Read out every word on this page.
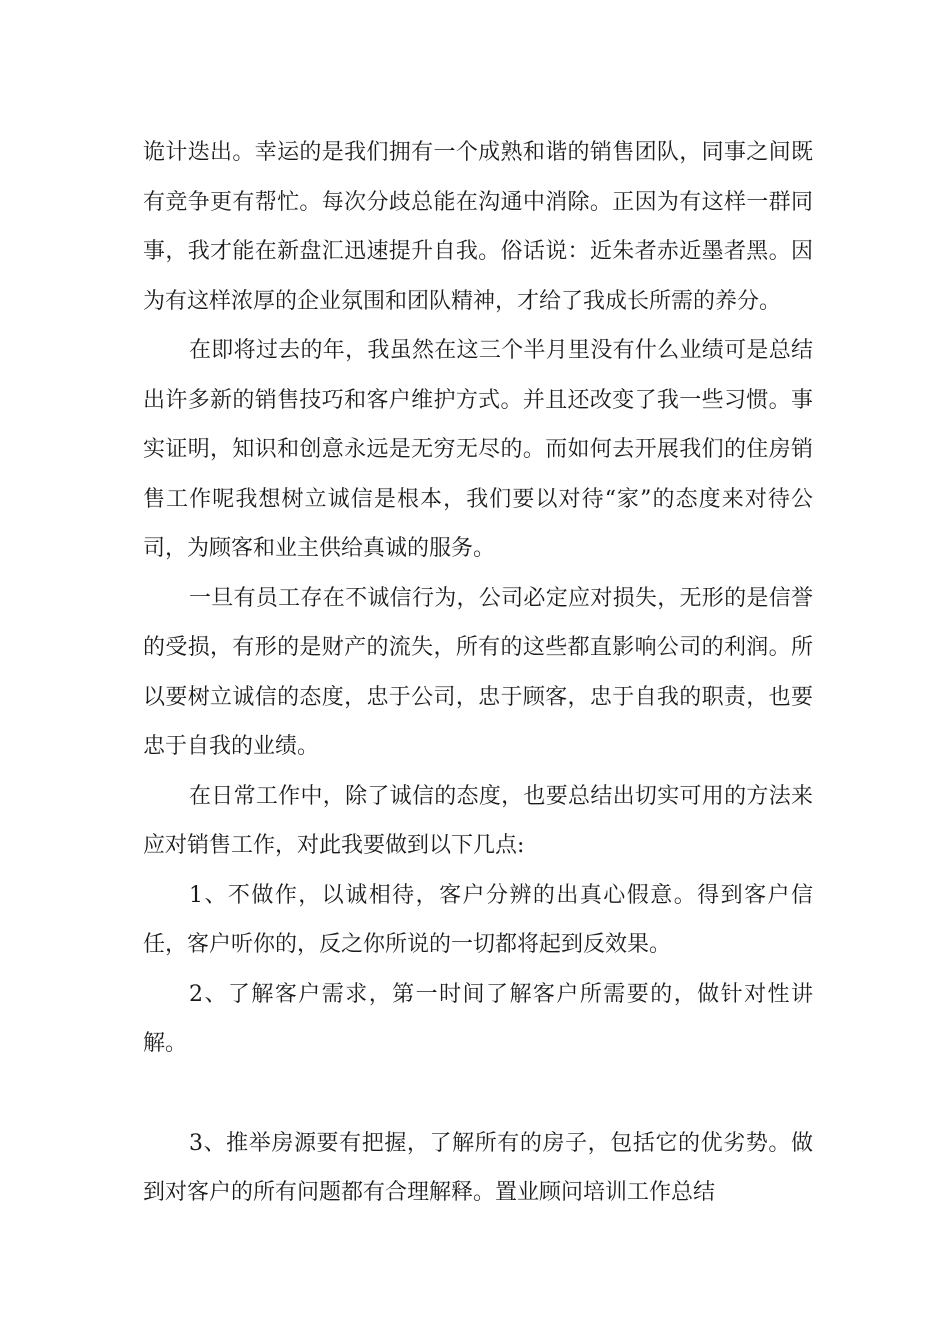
诡计迭出。幸运的是我们拥有一个成熟和谐的销售团队，同事之间既有竞争更有帮忙。每次分歧总能在沟通中消除。正因为有这样一群同事，我才能在新盘汇迅速提升自我。俗话说：近朱者赤近墨者黑。因为有这样浓厚的企业氛围和团队精神，才给了我成长所需的养分。

在即将过去的年，我虽然在这三个半月里没有什么业绩可是总结出许多新的销售技巧和客户维护方式。并且还改变了我一些习惯。事实证明，知识和创意永远是无穷无尽的。而如何去开展我们的住房销售工作呢我想树立诚信是根本，我们要以对待“家”的态度来对待公司，为顾客和业主供给真诚的服务。

一旦有员工存在不诚信行为，公司必定应对损失，无形的是信誉的受损，有形的是财产的流失，所有的这些都直影响公司的利润。所以要树立诚信的态度，忠于公司，忠于顾客，忠于自我的职责，也要忠于自我的业绩。

在日常工作中，除了诚信的态度，也要总结出切实可用的方法来应对销售工作，对此我要做到以下几点:

1、不做作，以诚相待，客户分辨的出真心假意。得到客户信任，客户听你的，反之你所说的一切都将起到反效果。

2、了解客户需求，第一时间了解客户所需要的，做针对性讲解。

3、推举房源要有把握，了解所有的房子，包括它的优劣势。做到对客户的所有问题都有合理解释。置业顾问培训工作总结
